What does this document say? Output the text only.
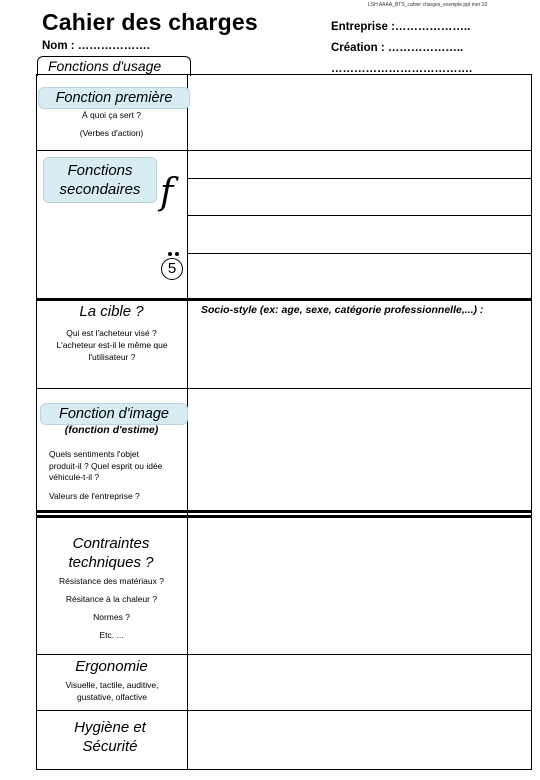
LSH AAAA_BTS_cahier charges_exemple.ppt mer 10
Cahier des charges
Nom : ……………….
Entreprise :………………..
Création : ………………..
……………………………….
Fonctions d'usage
Fonction première
À quoi ça sert ?
(Verbes d'action)
Fonctions secondaires f
5
La cible ?
Qui est l'acheteur visé ?
L'acheteur est-il le même que l'utilisateur ?
Socio-style (ex: age, sexe, catégorie professionnelle,...) :
Fonction d'image
(fonction d'estime)
Quels sentiments l'objet produit-il ? Quel esprit ou idée véhicule-t-il ?
Valeurs de l'entreprise ?
Contraintes techniques ?
Résistance des matériaux ?
Résitance à la chaleur ?
Normes ?
Etc. ...
Ergonomie
Visuelle, tactile, auditive, gustative, olfactive
Hygiène et Sécurité
